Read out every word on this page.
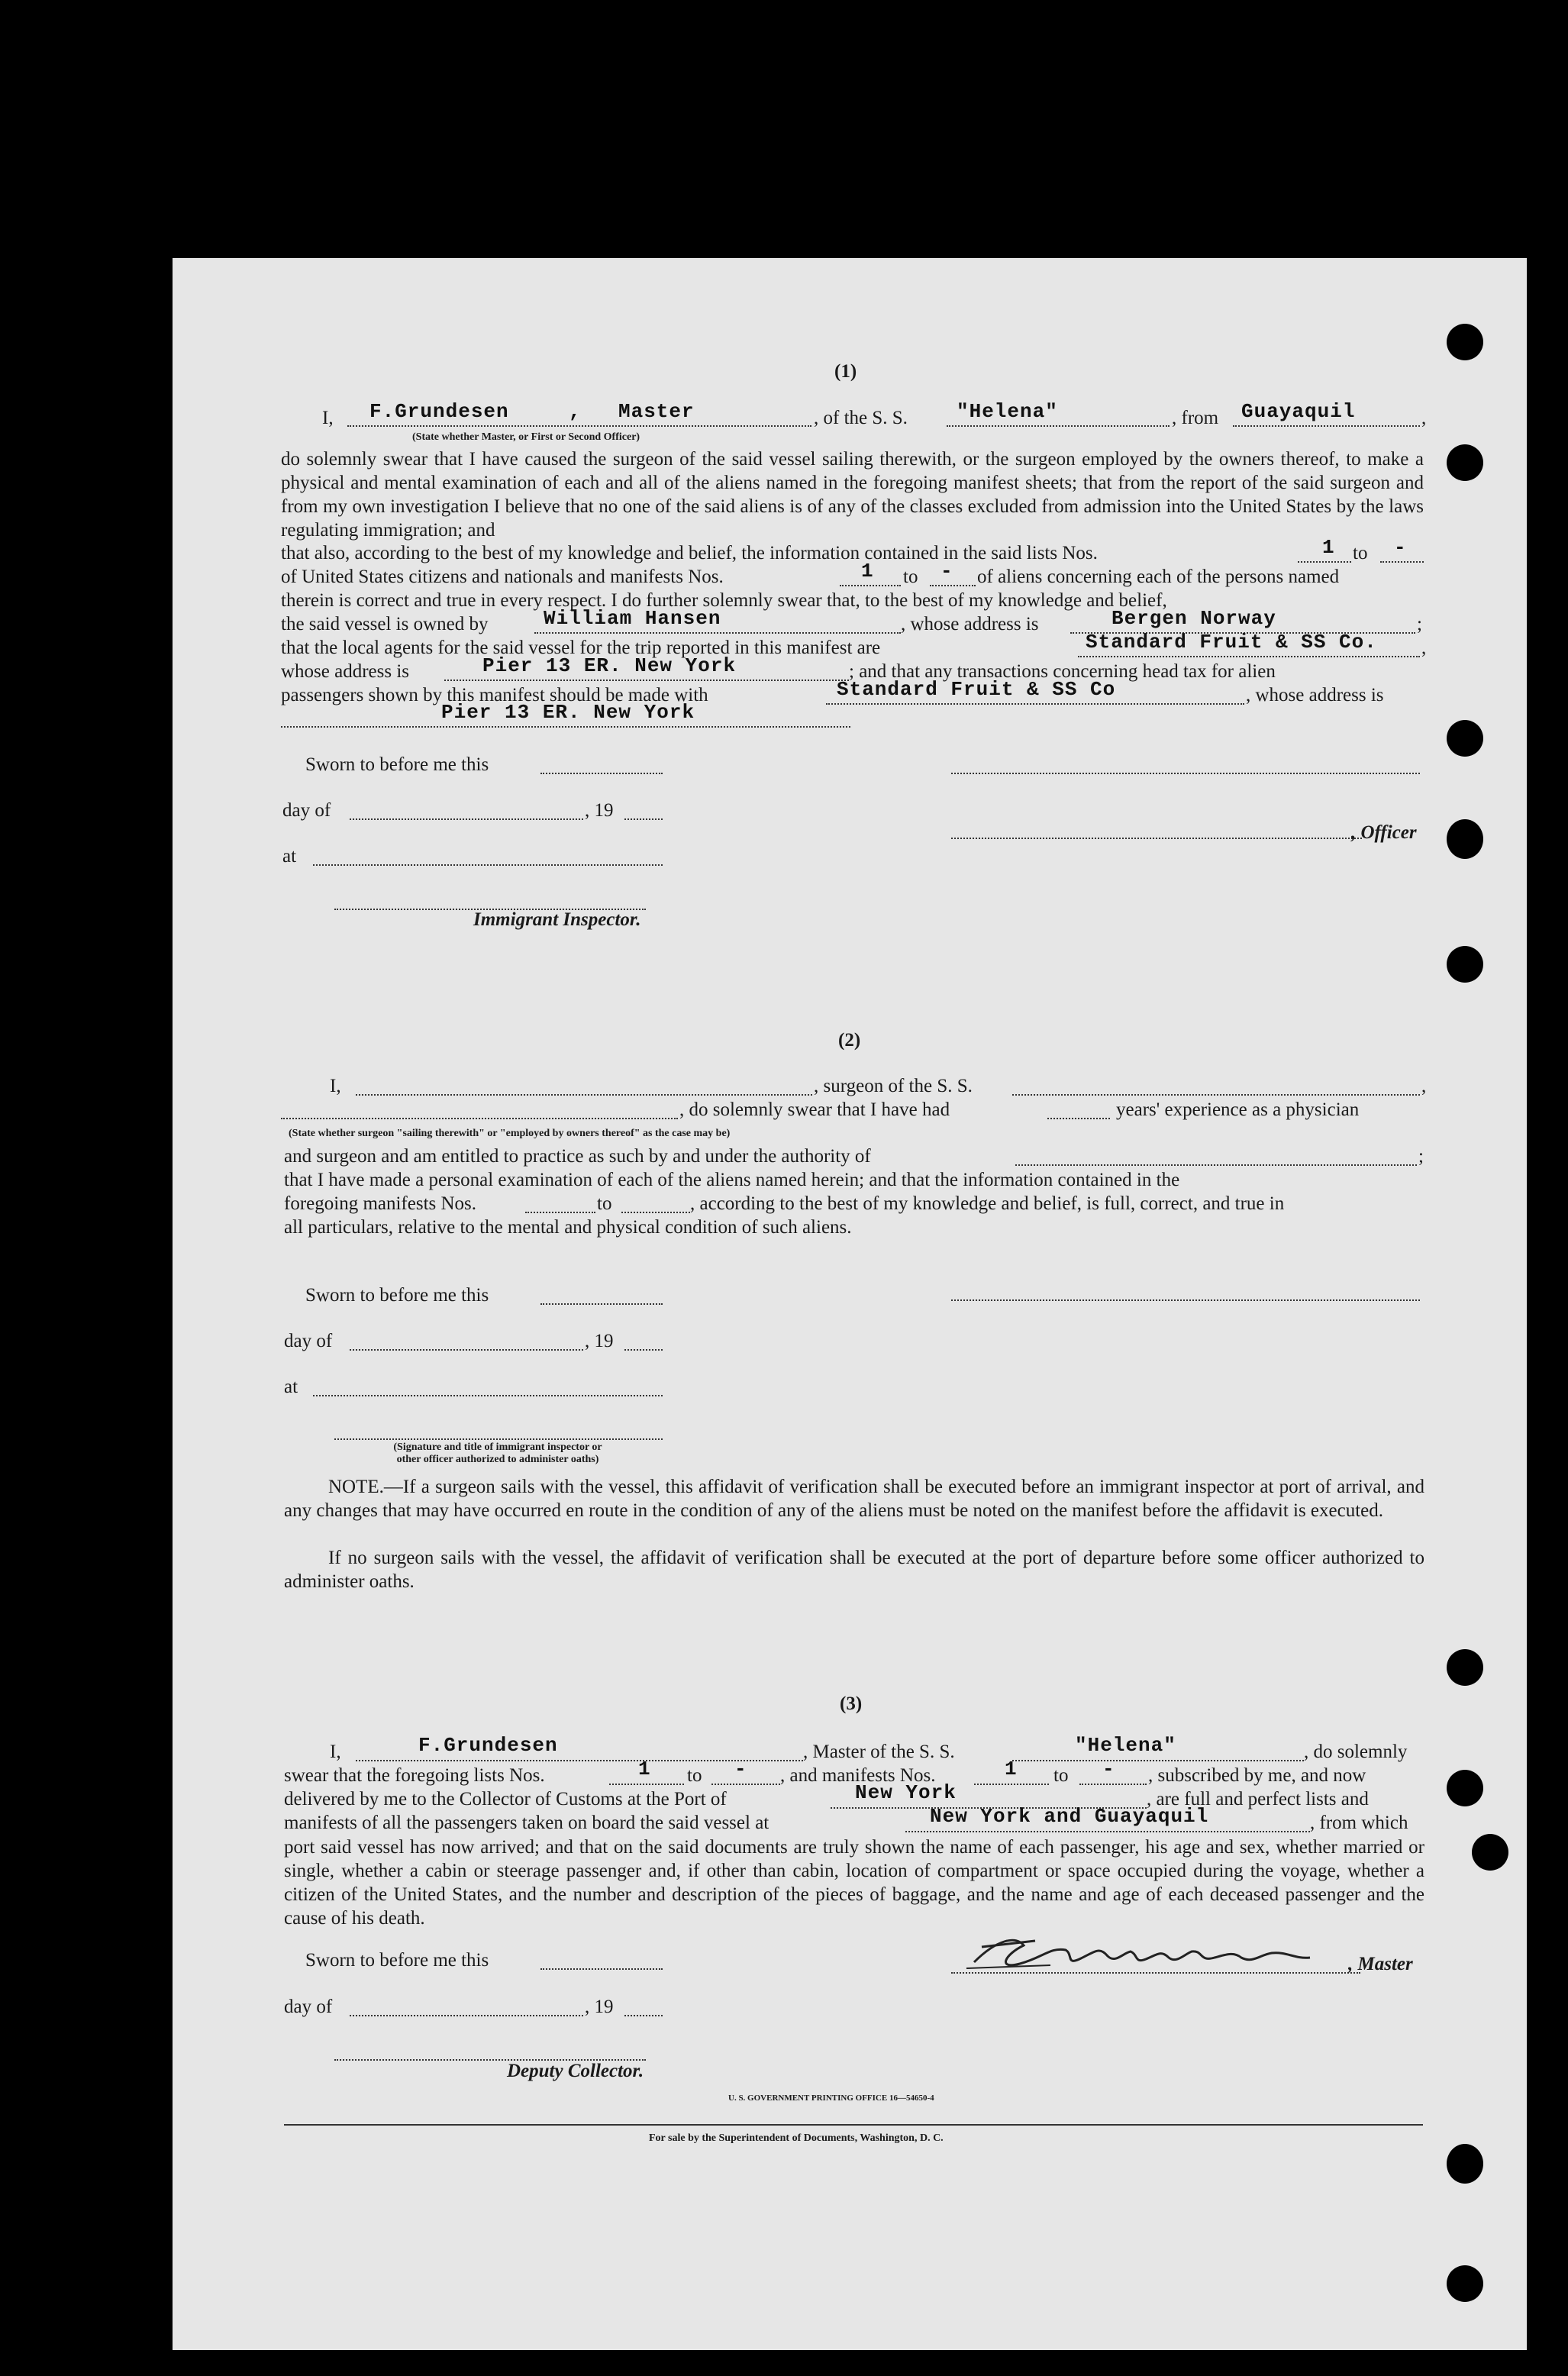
(1)
I, F.Grundesen	, Master
(State whether Master, or First or Second Officer)
, of the S. S. "Helena"	, from Guayaquil	,
do solemnly swear that I have caused the surgeon of the said vessel sailing therewith, or the surgeon employed by the owners thereof, to make a physical and mental examination of each and all of the aliens named in the foregoing manifest sheets; that from the report of the said surgeon and from my own investigation I believe that no one of the said aliens is of any of the classes excluded from admission into the United States by the laws regulating immigration; and
that also, according to the best of my knowledge and belief, the information contained in the said lists Nos.	1 to -
of United States citizens and nationals and manifests Nos.	1 to - of aliens concerning each of the persons named
therein is correct and true in every respect. I do further solemnly swear that, to the best of my knowledge and belief,
the said vessel is owned by	William Hansen	, whose address is	Bergen Norway	;
that the local agents for the said vessel for the trip reported in this manifest are	Standard Fruit & SS Co. ,
whose address is	Pier 13 ER. New York	; and that any transactions concerning head tax for alien
passengers shown by this manifest should be made with	Standard Fruit & SS Co	, whose address is
Pier 13 ER. New York
Sworn to before me this
day of	, 19
, Officer
at
Immigrant Inspector.
(2)
I,	, surgeon of the S. S.	,
, do solemnly swear that I have had	years' experience as a physician
(State whether surgeon "sailing therewith" or "employed by owners thereof" as the case may be)
and surgeon and am entitled to practice as such by and under the authority of	;
that I have made a personal examination of each of the aliens named herein; and that the information contained in the
foregoing manifests Nos.	to	, according to the best of my knowledge and belief, is full, correct, and true in
all particulars, relative to the mental and physical condition of such aliens.
Sworn to before me this
day of	, 19
at
(Signature and title of immigrant inspector or
other officer authorized to administer oaths)
NOTE.—If a surgeon sails with the vessel, this affidavit of verification shall be executed before an immigrant inspector at port of arrival, and any changes that may have occurred en route in the condition of any of the aliens must be noted on the manifest before the affidavit is executed.
If no surgeon sails with the vessel, the affidavit of verification shall be executed at the port of departure before some officer authorized to administer oaths.
(3)
I,	F.Grundesen	, Master of the S. S.	"Helena"	, do solemnly
swear that the foregoing lists Nos.	1 to - , and manifests Nos.	1 to - , subscribed by me, and now
delivered by me to the Collector of Customs at the Port of	New York	, are full and perfect lists and
manifests of all the passengers taken on board the said vessel at	New York and Guayaquil	, from which
port said vessel has now arrived; and that on the said documents are truly shown the name of each passenger, his age and sex, whether married or single, whether a cabin or steerage passenger and, if other than cabin, location of compartment or space occupied during the voyage, whether a citizen of the United States, and the number and description of the pieces of baggage, and the name and age of each deceased passenger and the cause of his death.
Sworn to before me this	, Master
day of	, 19
Deputy Collector.
U. S. GOVERNMENT PRINTING OFFICE 16—54650-4
For sale by the Superintendent of Documents, Washington, D. C.
